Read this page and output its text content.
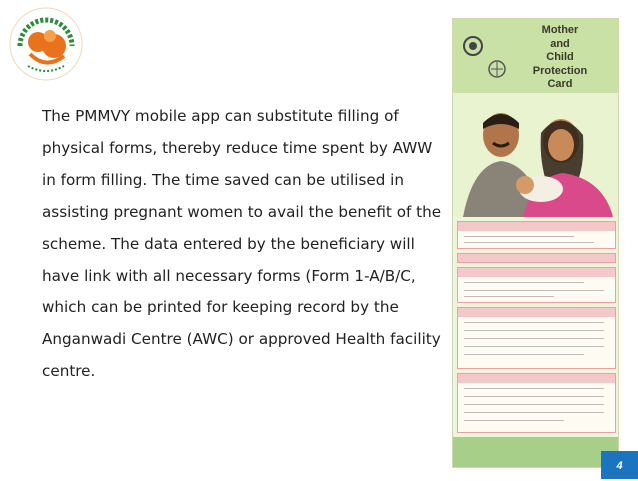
The PMMVY mobile app can substitute filling of physical forms, thereby reduce time spent by AWW in form filling. The time saved can be utilised in assisting pregnant women to avail the benefit of the scheme. The data entered by the beneficiary will have link with all necessary forms (Form 1-A/B/C, which can be printed for keeping record by the Anganwadi Centre (AWC) or approved Health facility centre.

Mother
and
Child
Protection
Card
4
